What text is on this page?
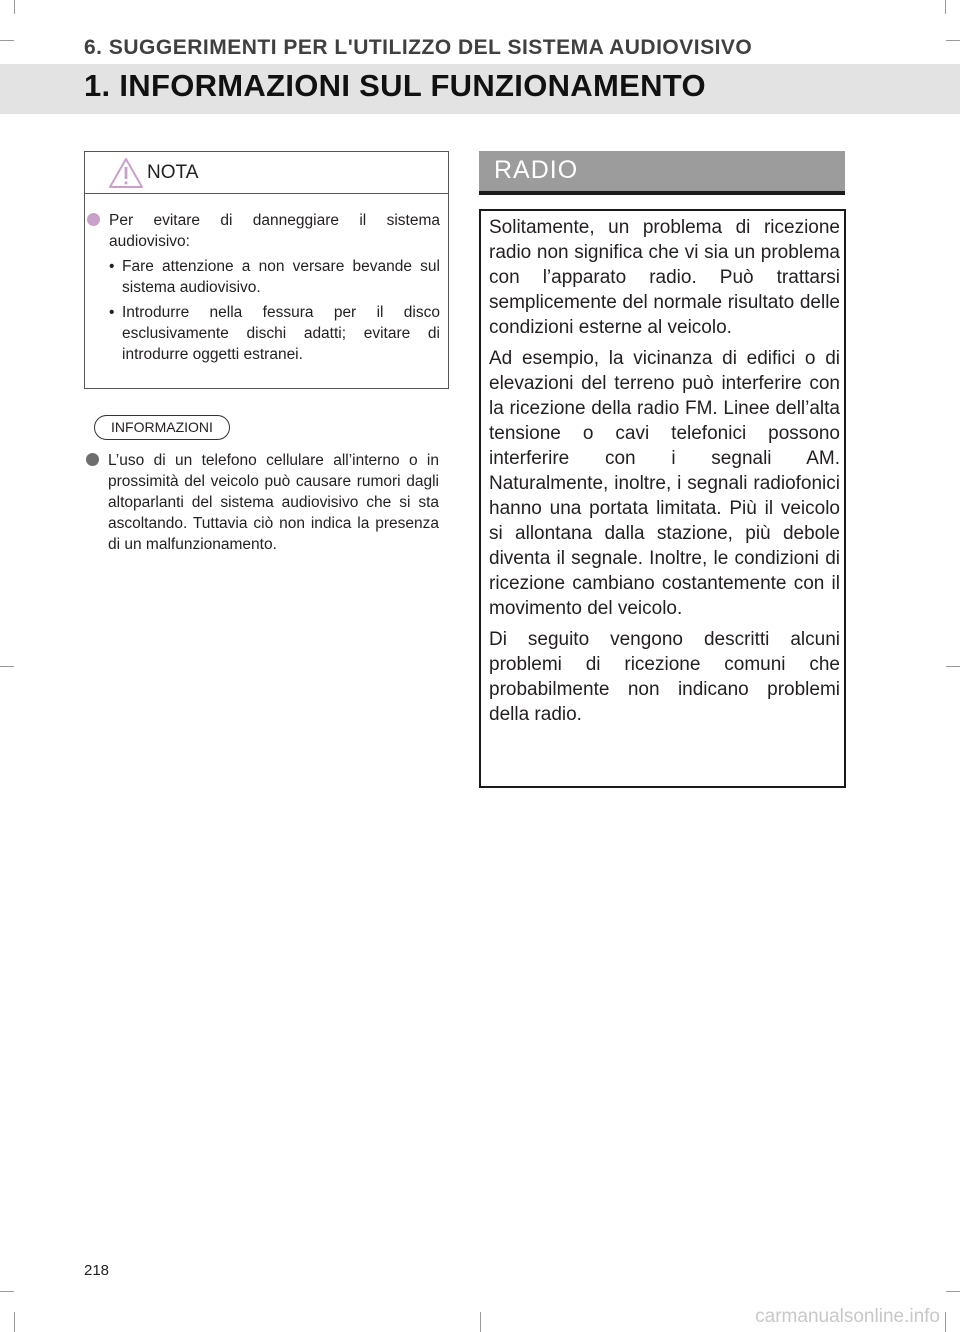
6. SUGGERIMENTI PER L'UTILIZZO DEL SISTEMA AUDIOVISIVO
1. INFORMAZIONI SUL FUNZIONAMENTO
NOTA
Per evitare di danneggiare il sistema audiovisivo:
• Fare attenzione a non versare bevande sul sistema audiovisivo.
• Introdurre nella fessura per il disco esclusivamente dischi adatti; evitare di introdurre oggetti estranei.
INFORMAZIONI
L’uso di un telefono cellulare all’interno o in prossimità del veicolo può causare rumori dagli altoparlanti del sistema audiovisivo che si sta ascoltando. Tuttavia ciò non indica la presenza di un malfunzionamento.
RADIO

Solitamente, un problema di ricezione radio non significa che vi sia un problema con l’apparato radio. Può trattarsi semplicemente del normale risultato delle condizioni esterne al veicolo.

Ad esempio, la vicinanza di edifici o di elevazioni del terreno può interferire con la ricezione della radio FM. Linee dell’alta tensione o cavi telefonici possono interferire con i segnali AM. Naturalmente, inoltre, i segnali radiofonici hanno una portata limitata. Più il veicolo si allontana dalla stazione, più debole diventa il segnale. Inoltre, le condizioni di ricezione cambiano costantemente con il movimento del veicolo.

Di seguito vengono descritti alcuni problemi di ricezione comuni che probabilmente non indicano problemi della radio.

218
carmanualsonline.info
